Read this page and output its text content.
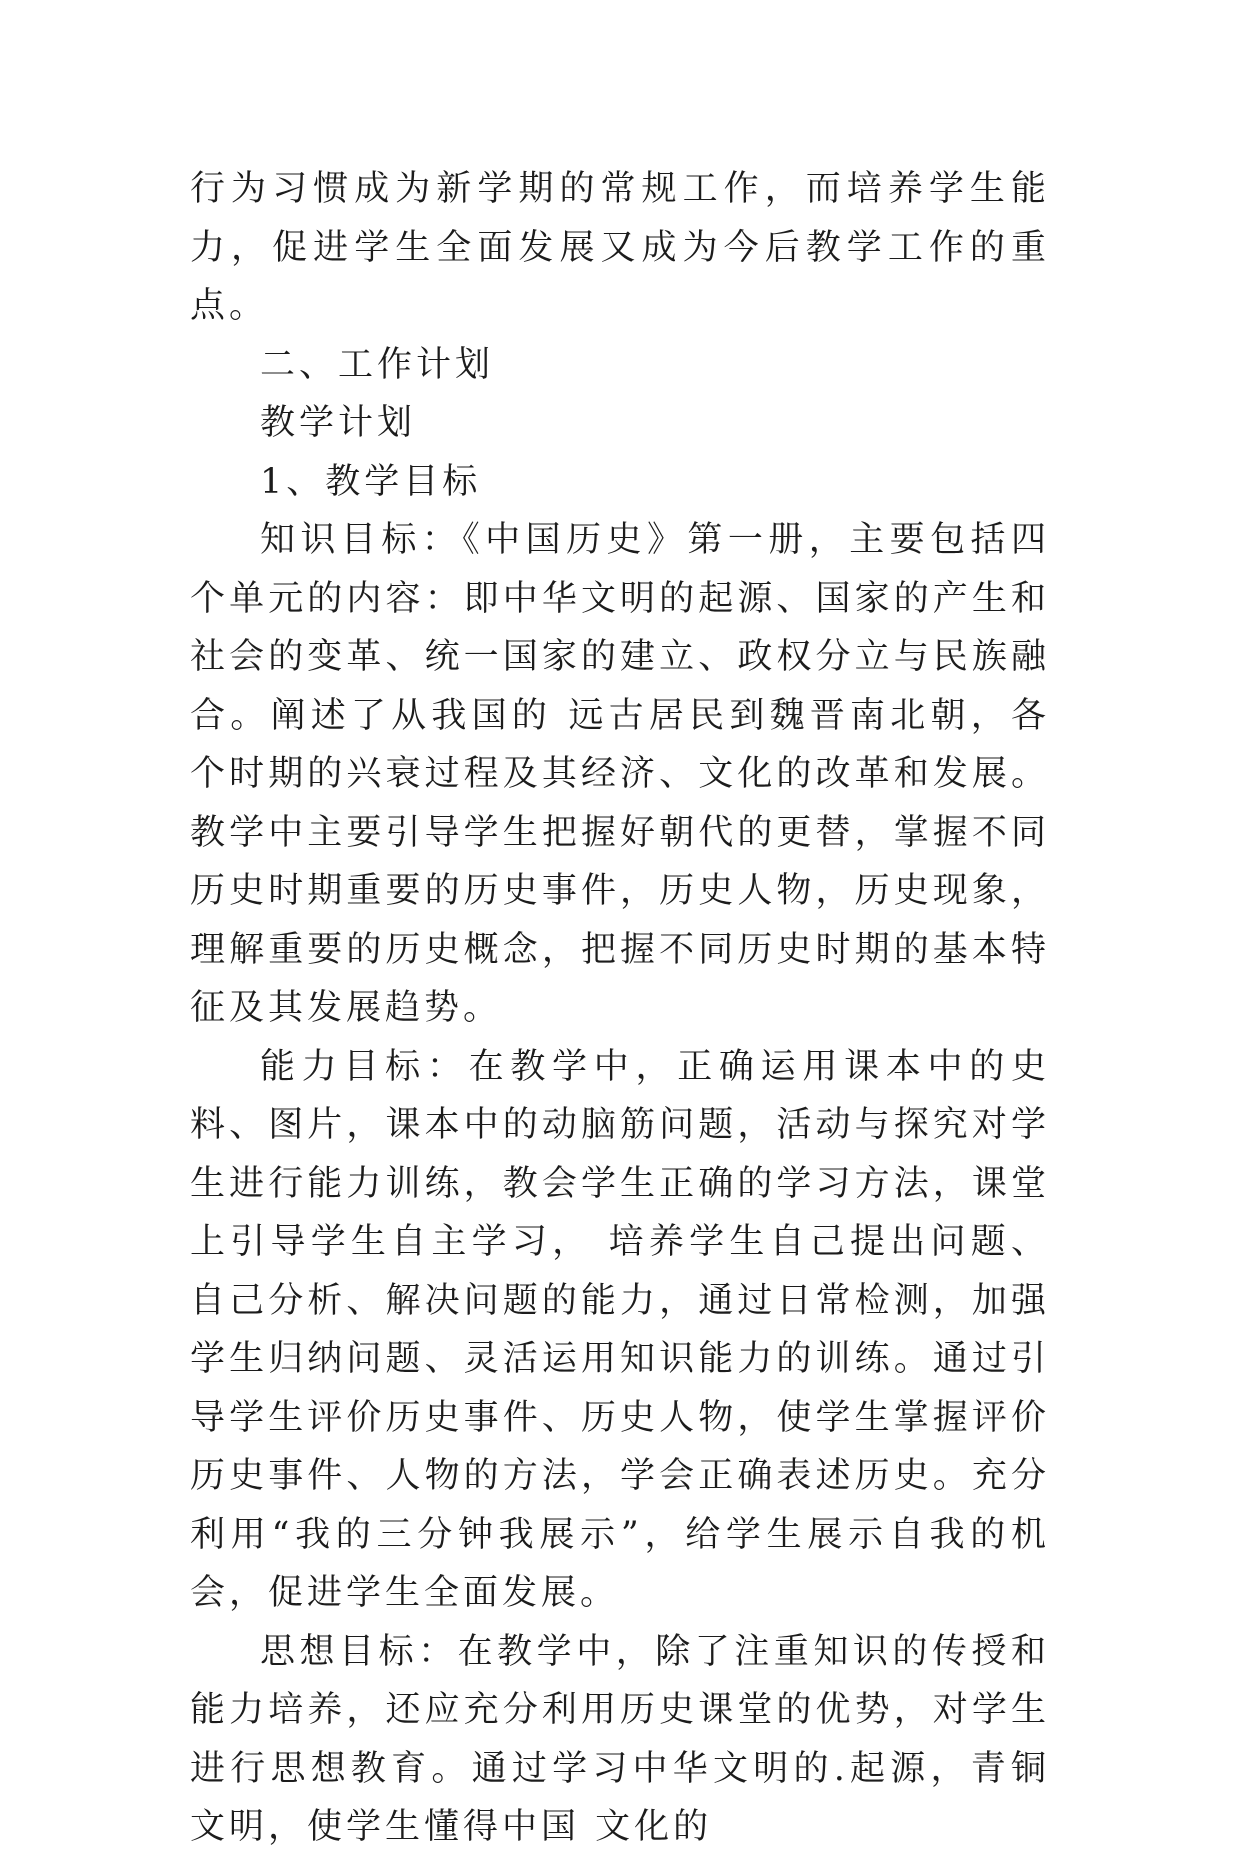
行为习惯成为新学期的常规工作，而培养学生能力，促进学生全面发展又成为今后教学工作的重点。

二、工作计划

教学计划

1、教学目标

知识目标：《中国历史》第一册，主要包括四个单元的内容：即中华文明的起源、国家的产生和社会的变革、统一国家的建立、政权分立与民族融合。阐述了从我国的 远古居民到魏晋南北朝，各个时期的兴衰过程及其经济、文化的改革和发展。教学中主要引导学生把握好朝代的更替，掌握不同历史时期重要的历史事件，历史人物，历史现象，理解重要的历史概念，把握不同历史时期的基本特征及其发展趋势。

能力目标：在教学中，正确运用课本中的史料、图片，课本中的动脑筋问题，活动与探究对学生进行能力训练，教会学生正确的学习方法，课堂上引导学生自主学习， 培养学生自己提出问题、自己分析、解决问题的能力，通过日常检测，加强学生归纳问题、灵活运用知识能力的训练。通过引导学生评价历史事件、历史人物，使学生掌握评价历史事件、人物的方法，学会正确表述历史。充分利用“我的三分钟我展示”，给学生展示自我的机会，促进学生全面发展。

思想目标：在教学中，除了注重知识的传授和能力培养，还应充分利用历史课堂的优势，对学生进行思想教育。通过学习中华文明的.起源，青铜文明，使学生懂得中国 文化的
